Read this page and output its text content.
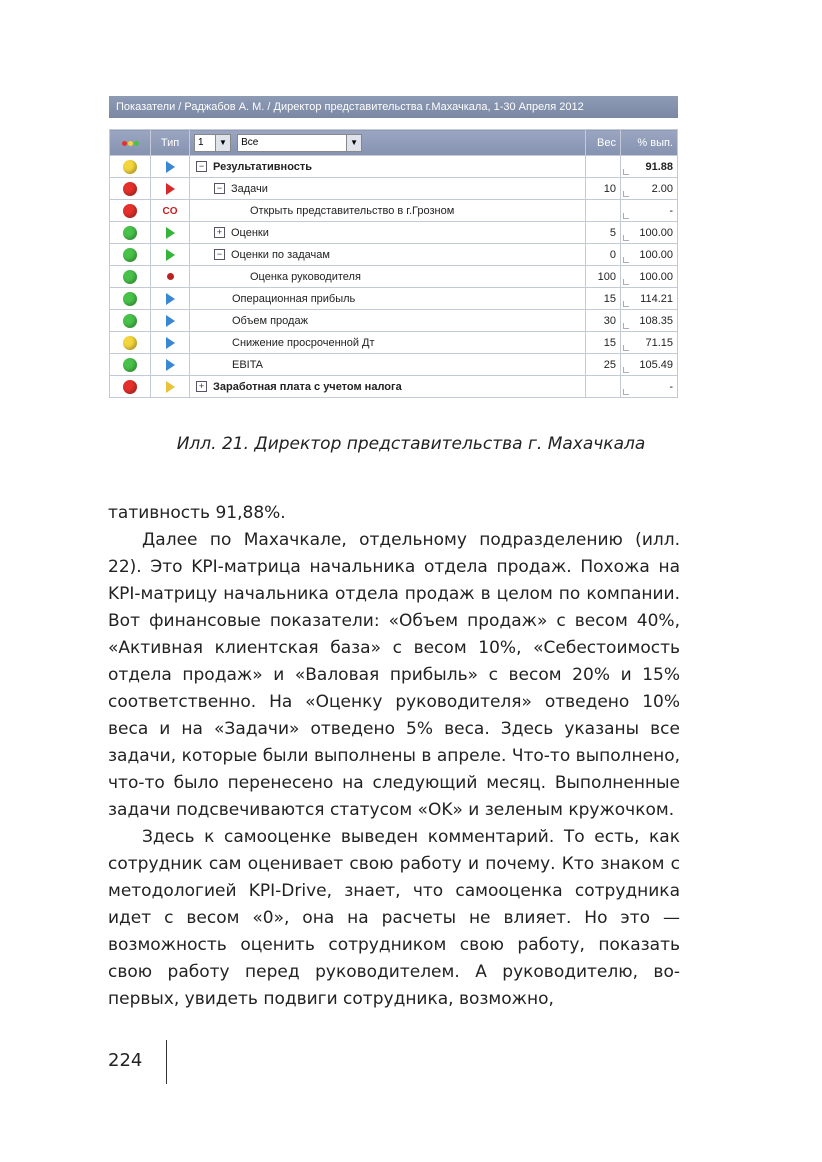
Показатели / Раджабов А. М. / Директор представительства г.Махачкала, 1-30 Апреля 2012
	Тип	1 ▼ Все ▼	Вес	% вып.
		− Результативность		91.88
		− Задачи	10	2.00
	CO	Открыть представительство в г.Грозном		-
		+ Оценки	5	100.00
		− Оценки по задачам	0	100.00
		Оценка руководителя	100	100.00
		Операционная прибыль	15	114.21
		Объем продаж	30	108.35
		Снижение просроченной Дт	15	71.15
		EBITA	25	105.49
		+ Заработная плата с учетом налога		-
Илл. 21. Директор представительства г. Махачкала

тативность 91,88%.

Далее по Махачкале, отдельному подразделению (илл. 22). Это KPI-матрица начальника отдела продаж. Похожа на KPI-матрицу начальника отдела продаж в целом по компании. Вот финансовые показатели: «Объем продаж» с весом 40%, «Активная клиентская база» с весом 10%, «Себестоимость отдела продаж» и «Валовая прибыль» с весом 20% и 15% соответственно. На «Оценку руководителя» отведено 10% веса и на «Задачи» отведено 5% веса. Здесь указаны все задачи, которые были выполнены в апреле. Что-то выполнено, что-то было перенесено на следующий месяц. Выполненные задачи подсвечиваются статусом «OK» и зеленым кружочком.

Здесь к самооценке выведен комментарий. То есть, как сотрудник сам оценивает свою работу и почему. Кто знаком с методологией KPI-Drive, знает, что самооценка сотрудника идет с весом «0», она на расчеты не влияет. Но это — возможность оценить сотрудником свою работу, показать свою работу перед руководителем. А руководителю, во-первых, увидеть подвиги сотрудника, возможно,

224
